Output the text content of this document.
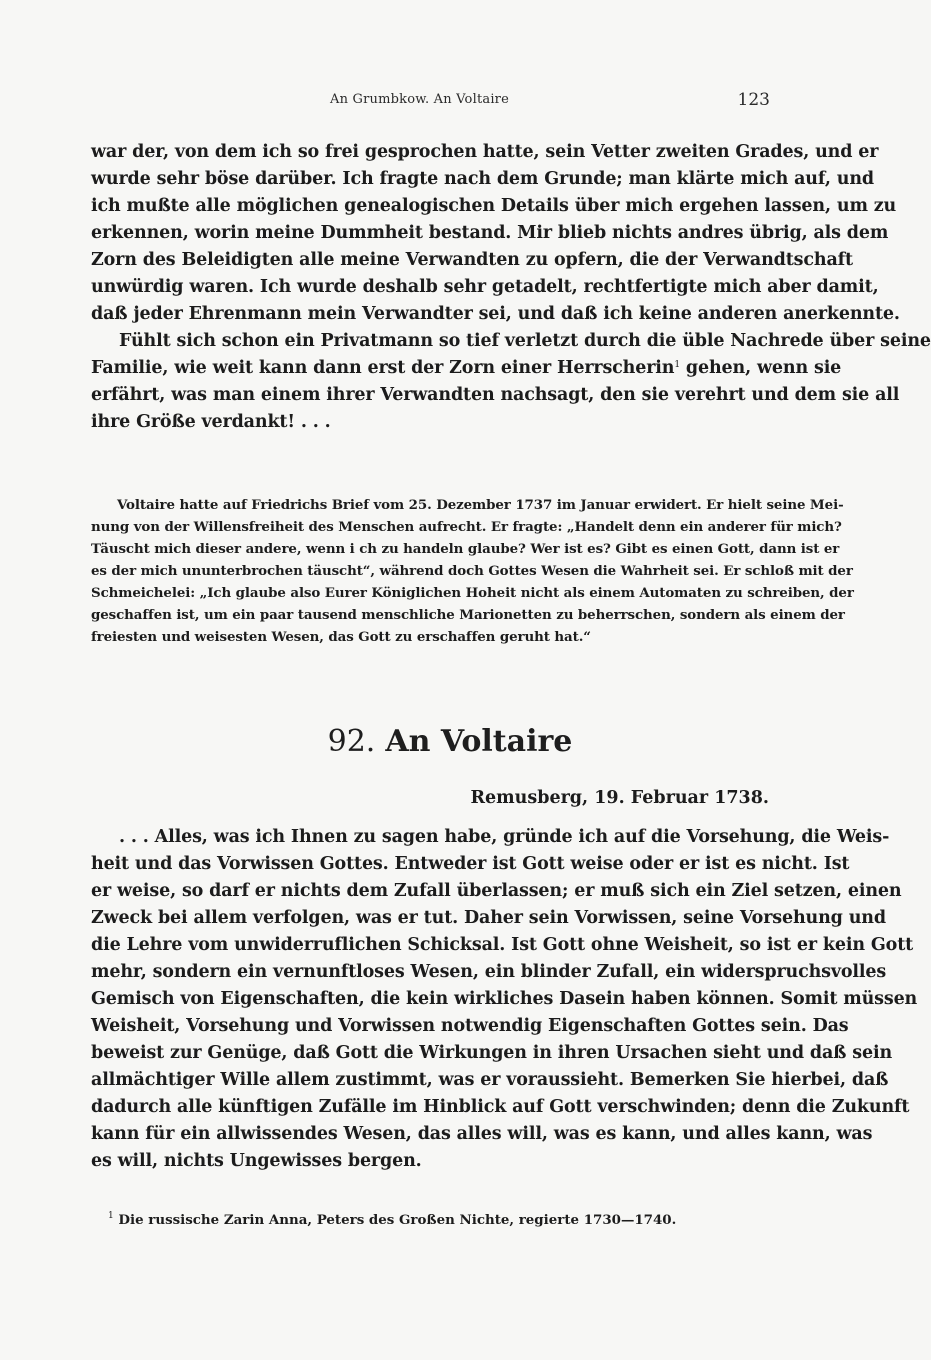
An Grumbkow. An Voltaire	123
war der, von dem ich so frei gesprochen hatte, sein Vetter zweiten Grades, und er
wurde sehr böse darüber. Ich fragte nach dem Grunde; man klärte mich auf, und
ich mußte alle möglichen genealogischen Details über mich ergehen lassen, um zu
erkennen, worin meine Dummheit bestand. Mir blieb nichts andres übrig, als dem
Zorn des Beleidigten alle meine Verwandten zu opfern, die der Verwandtschaft
unwürdig waren. Ich wurde deshalb sehr getadelt, rechtfertigte mich aber damit,
daß jeder Ehrenmann mein Verwandter sei, und daß ich keine anderen anerkennte.
Fühlt sich schon ein Privatmann so tief verletzt durch die üble Nachrede über seine
Familie, wie weit kann dann erst der Zorn einer Herrscherin$^1$ gehen, wenn sie
erfährt, was man einem ihrer Verwandten nachsagt, den sie verehrt und dem sie all
ihre Größe verdankt! . . .
Voltaire hatte auf Friedrichs Brief vom 25. Dezember 1737 im Januar erwidert. Er hielt seine Mei-
nung von der Willensfreiheit des Menschen aufrecht. Er fragte: „Handelt denn ein anderer für mich?
Täuscht mich dieser andere, wenn i ch zu handeln glaube? Wer ist es? Gibt es einen Gott, dann ist er
es der mich ununterbrochen täuscht“, während doch Gottes Wesen die Wahrheit sei. Er schloß mit der
Schmeichelei: „Ich glaube also Eurer Königlichen Hoheit nicht als einem Automaten zu schreiben, der
geschaffen ist, um ein paar tausend menschliche Marionetten zu beherrschen, sondern als einem der
freiesten und weisesten Wesen, das Gott zu erschaffen geruht hat.“
92. An Voltaire
Remusberg, 19. Februar 1738.
. . . Alles, was ich Ihnen zu sagen habe, gründe ich auf die Vorsehung, die Weis-
heit und das Vorwissen Gottes. Entweder ist Gott weise oder er ist es nicht. Ist
er weise, so darf er nichts dem Zufall überlassen; er muß sich ein Ziel setzen, einen
Zweck bei allem verfolgen, was er tut. Daher sein Vorwissen, seine Vorsehung und
die Lehre vom unwiderruflichen Schicksal. Ist Gott ohne Weisheit, so ist er kein Gott
mehr, sondern ein vernunftloses Wesen, ein blinder Zufall, ein widerspruchsvolles
Gemisch von Eigenschaften, die kein wirkliches Dasein haben können. Somit müssen
Weisheit, Vorsehung und Vorwissen notwendig Eigenschaften Gottes sein. Das
beweist zur Genüge, daß Gott die Wirkungen in ihren Ursachen sieht und daß sein
allmächtiger Wille allem zustimmt, was er voraussieht. Bemerken Sie hierbei, daß
dadurch alle künftigen Zufälle im Hinblick auf Gott verschwinden; denn die Zukunft
kann für ein allwissendes Wesen, das alles will, was es kann, und alles kann, was
es will, nichts Ungewisses bergen.
$^1$ Die russische Zarin Anna, Peters des Großen Nichte, regierte 1730—1740.
